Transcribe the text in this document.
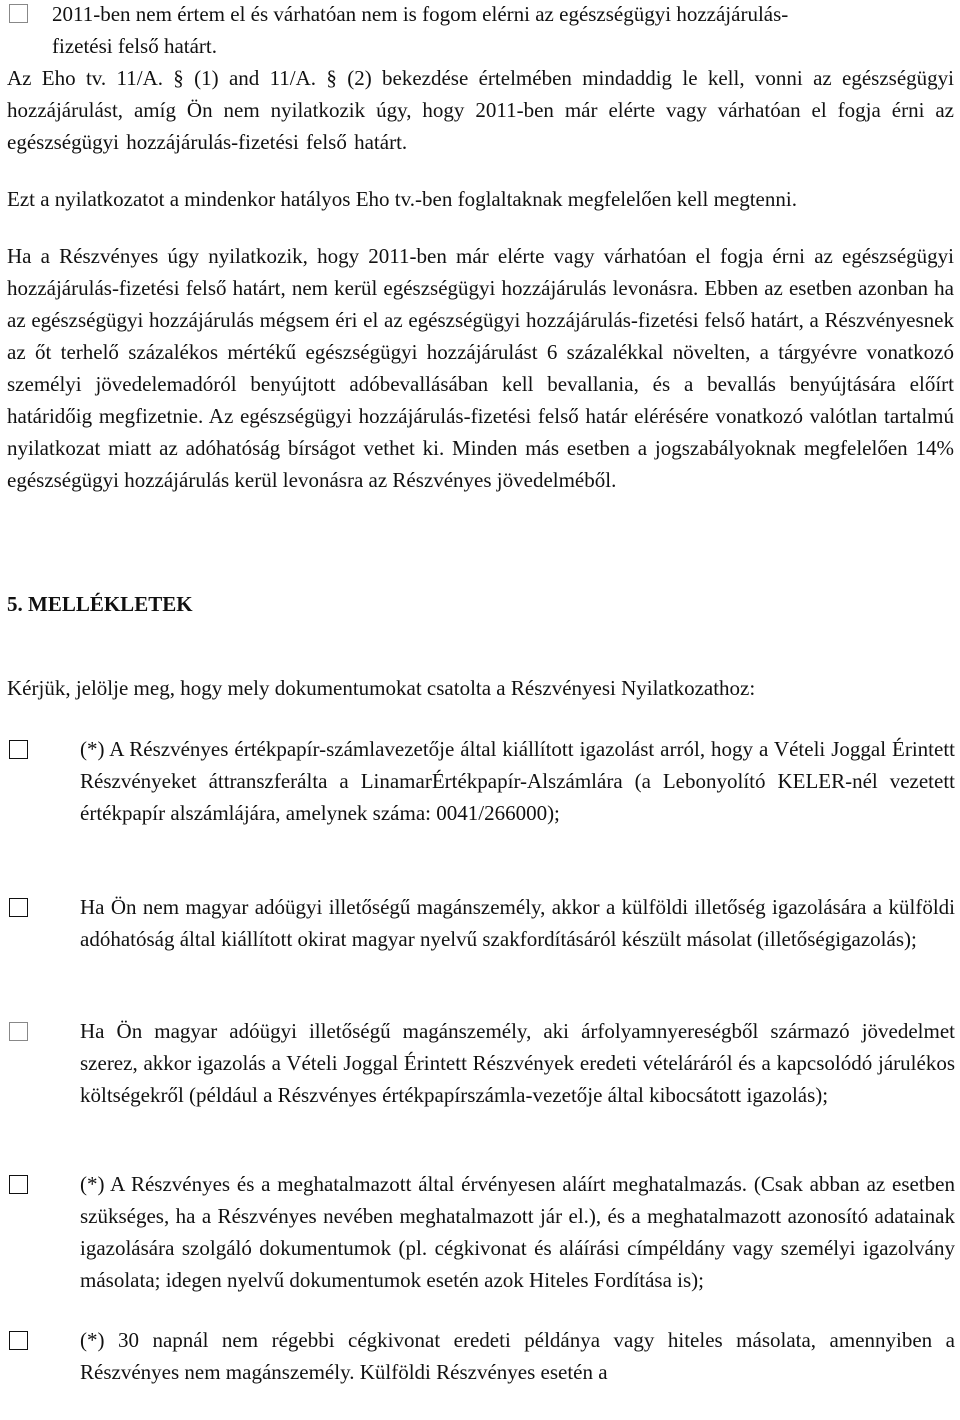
2011-ben nem értem el és várhatóan nem is fogom elérni az egészségügyi hozzájárulás-
fizetési felső határt.
Az Eho tv. 11/A. § (1) and 11/A. § (2) bekezdése értelmében mindaddig le kell, vonni az egészségügyi hozzájárulást, amíg Ön nem nyilatkozik úgy, hogy 2011-ben már elérte vagy várhatóan el fogja érni az egészségügyi hozzájárulás-fizetési felső határt.
Ezt a nyilatkozatot a mindenkor hatályos Eho tv.-ben foglaltaknak megfelelően kell megtenni.
Ha a Részvényes úgy nyilatkozik, hogy 2011-ben már elérte vagy várhatóan el fogja érni az egészségügyi hozzájárulás-fizetési felső határt, nem kerül egészségügyi hozzájárulás levonásra. Ebben az esetben azonban ha az egészségügyi hozzájárulás mégsem éri el az egészségügyi hozzájárulás-fizetési felső határt, a Részvényesnek az őt terhelő százalékos mértékű egészségügyi hozzájárulást 6 százalékkal növelten, a tárgyévre vonatkozó személyi jövedelemadóról benyújtott adóbevallásában kell bevallania, és a bevallás benyújtására előírt határidőig megfizetnie. Az egészségügyi hozzájárulás-fizetési felső határ elérésére vonatkozó valótlan tartalmú nyilatkozat miatt az adóhatóság bírságot vethet ki. Minden más esetben a jogszabályoknak megfelelően 14% egészségügyi hozzájárulás kerül levonásra az Részvényes jövedelméből.
5. MELLÉKLETEK
Kérjük, jelölje meg, hogy mely dokumentumokat csatolta a Részvényesi Nyilatkozathoz:
(*) A Részvényes értékpapír-számlavezetője által kiállított igazolást arról, hogy a Vételi Joggal Érintett Részvényeket áttranszferálta a LinamarÉrtékpapír-Alszámlára (a Lebonyolító KELER-nél vezetett értékpapír alszámlájára, amelynek száma: 0041/266000);
Ha Ön nem magyar adóügyi illetőségű magánszemély, akkor a külföldi illetőség igazolására a külföldi adóhatóság által kiállított okirat magyar nyelvű szakfordításáról készült másolat (illetőségigazolás);
Ha Ön magyar adóügyi illetőségű magánszemély, aki árfolyamnyereségből származó jövedelmet szerez, akkor igazolás a Vételi Joggal Érintett Részvények eredeti vételáráról és a kapcsolódó járulékos költségekről (például a Részvényes értékpapírszámla-vezetője által kibocsátott igazolás);
(*) A Részvényes és a meghatalmazott által érvényesen aláírt meghatalmazás. (Csak abban az esetben szükséges, ha a Részvényes nevében meghatalmazott jár el.), és a meghatalmazott azonosító adatainak igazolására szolgáló dokumentumok (pl. cégkivonat és aláírási címpéldány vagy személyi igazolvány másolata; idegen nyelvű dokumentumok esetén azok Hiteles Fordítása is);
(*) 30 napnál nem régebbi cégkivonat eredeti példánya vagy hiteles másolata, amennyiben a Részvényes nem magánszemély. Külföldi Részvényes esetén a
